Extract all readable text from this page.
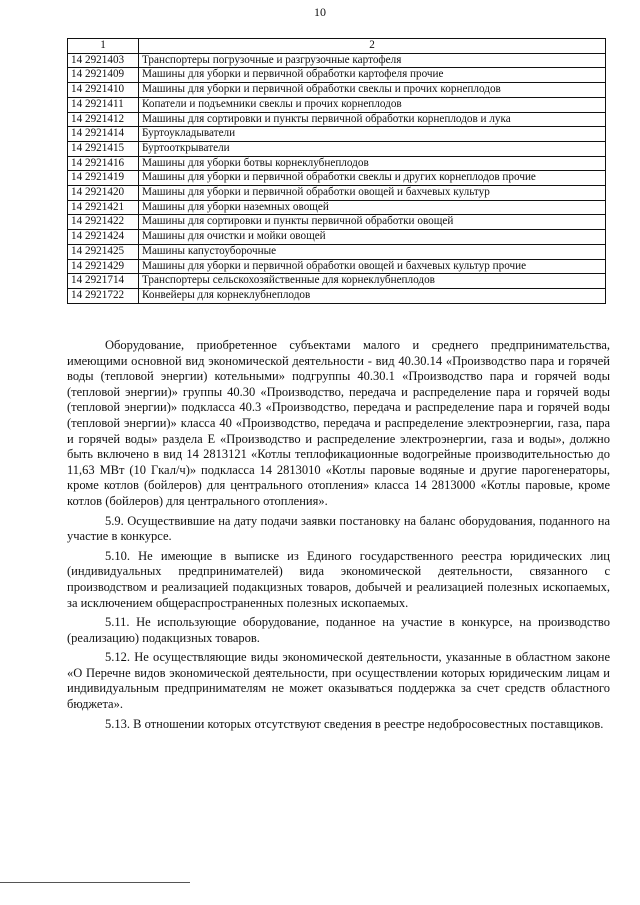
10
1	2
14 2921403	Транспортеры погрузочные и разгрузочные картофеля
14 2921409	Машины для уборки и первичной обработки картофеля прочие
14 2921410	Машины для уборки и первичной обработки свеклы и прочих корнеплодов
14 2921411	Копатели и подъемники свеклы и прочих корнеплодов
14 2921412	Машины для сортировки и пункты первичной обработки корнеплодов и лука
14 2921414	Буртоукладыватели
14 2921415	Буртооткрыватели
14 2921416	Машины для уборки ботвы корнеклубнеплодов
14 2921419	Машины для уборки и первичной обработки свеклы и других корнеплодов прочие
14 2921420	Машины для уборки и первичной обработки овощей и бахчевых культур
14 2921421	Машины для уборки наземных овощей
14 2921422	Машины для сортировки и пункты первичной обработки овощей
14 2921424	Машины для очистки и мойки овощей
14 2921425	Машины капустоуборочные
14 2921429	Машины для уборки и первичной обработки овощей и бахчевых культур прочие
14 2921714	Транспортеры сельскохозяйственные для корнеклубнеплодов
14 2921722	Конвейеры для корнеклубнеплодов

Оборудование, приобретенное субъектами малого и среднего предпринимательства, имеющими основной вид экономической деятельности - вид 40.30.14 «Производство пара и горячей воды (тепловой энергии) котельными» подгруппы 40.30.1 «Производство пара и горячей воды (тепловой энергии)» группы 40.30 «Производство, передача и распределение пара и горячей воды (тепловой энергии)» подкласса 40.3 «Производство, передача и распределение пара и горячей воды (тепловой энергии)» класса 40 «Производство, передача и распределение электроэнергии, газа, пара и горячей воды» раздела Е «Производство и распределение электроэнергии, газа и воды», должно быть включено в вид 14 2813121 «Котлы теплофикационные водогрейные производительностью до 11,63 МВт (10 Гкал/ч)» подкласса 14 2813010 «Котлы паровые водяные и другие парогенераторы, кроме котлов (бойлеров) для центрального отопления» класса 14 2813000 «Котлы паровые, кроме котлов (бойлеров) для центрального отопления».

5.9. Осуществившие на дату подачи заявки постановку на баланс оборудования, поданного на участие в конкурсе.

5.10. Не имеющие в выписке из Единого государственного реестра юридических лиц (индивидуальных предпринимателей) вида экономической деятельности, связанного с производством и реализацией подакцизных товаров, добычей и реализацией полезных ископаемых, за исключением общераспространенных полезных ископаемых.

5.11. Не использующие оборудование, поданное на участие в конкурсе, на производство (реализацию) подакцизных товаров.

5.12. Не осуществляющие виды экономической деятельности, указанные в областном законе «О Перечне видов экономической деятельности, при осуществлении которых юридическим лицам и индивидуальным предпринимателям не может оказываться поддержка за счет средств областного бюджета».

5.13. В отношении которых отсутствуют сведения в реестре недобросовестных поставщиков.
